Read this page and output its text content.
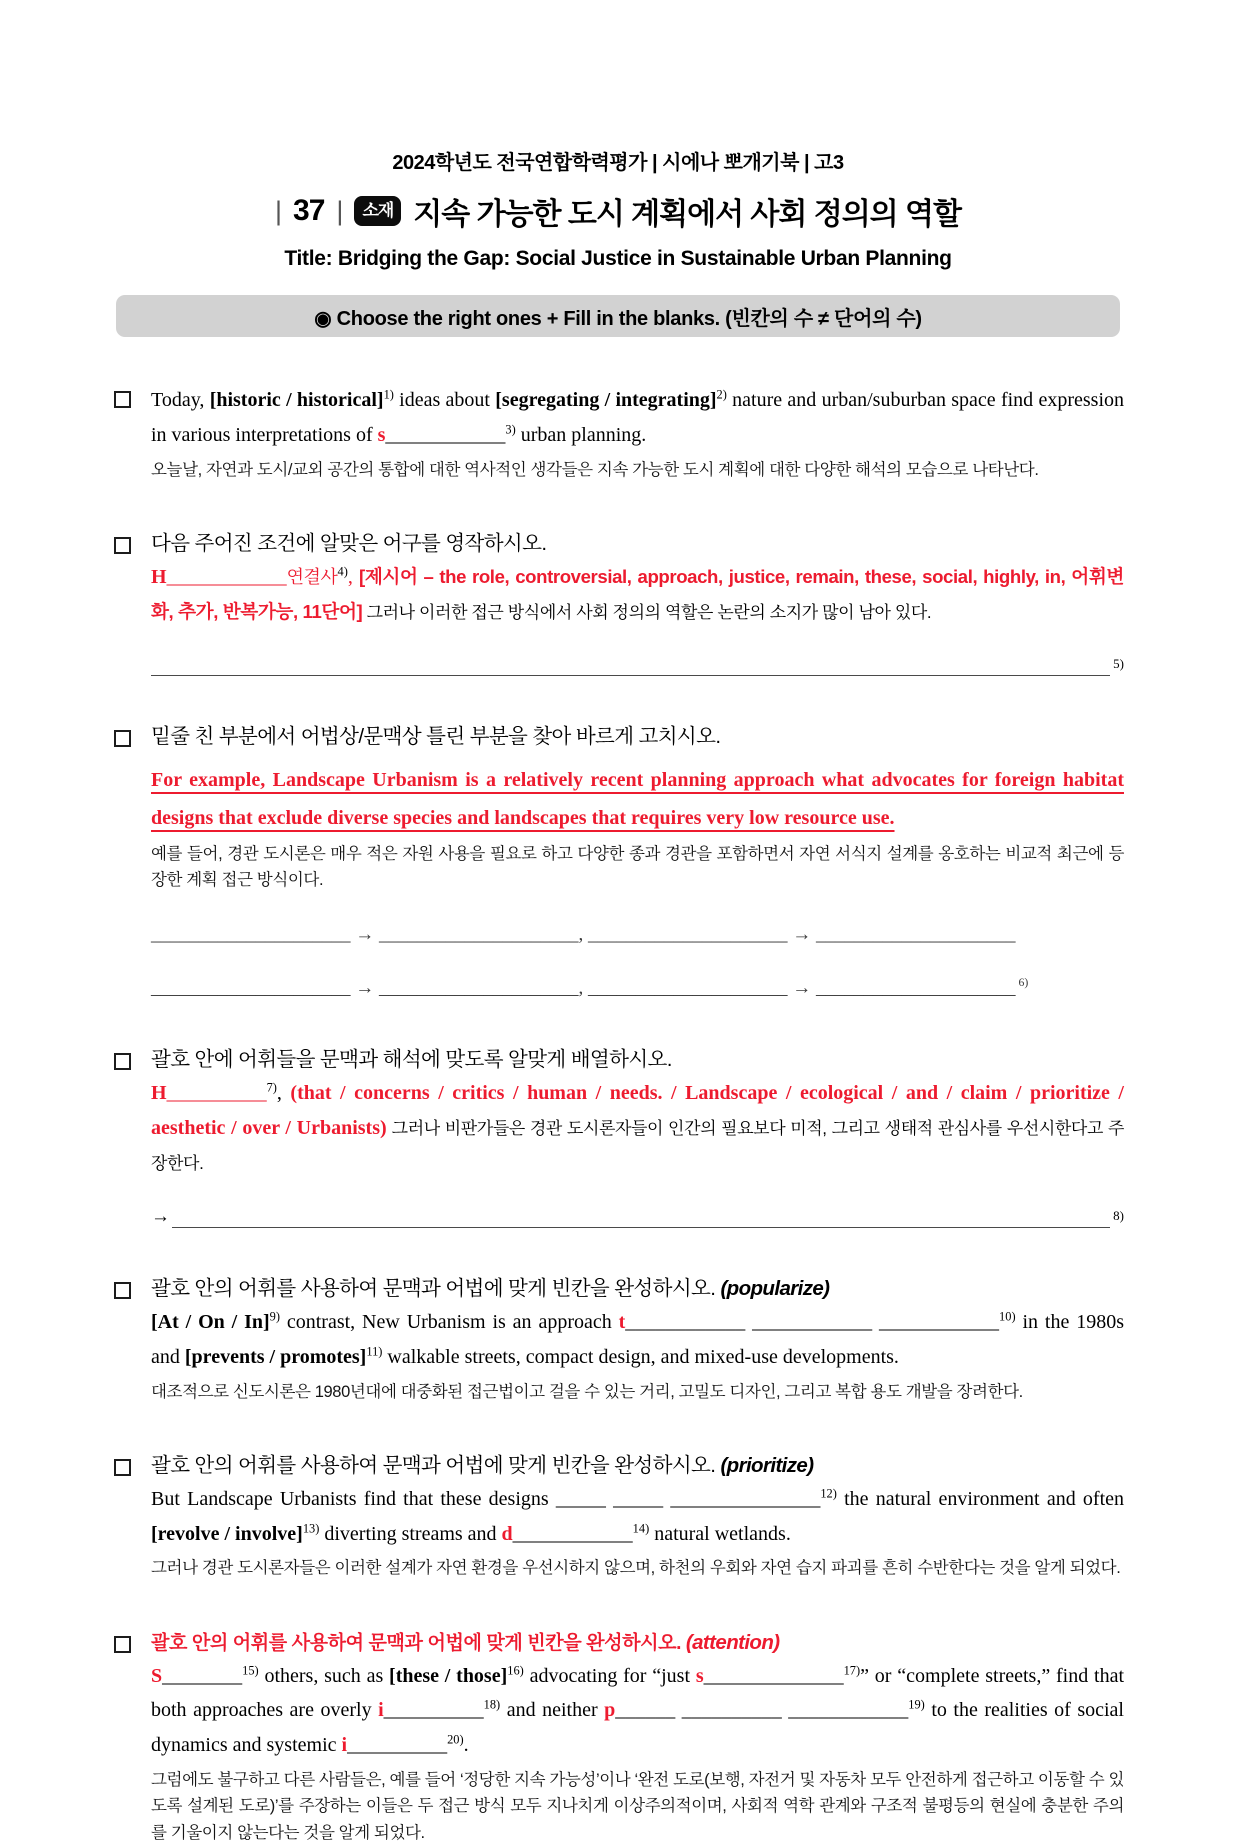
2024학년도 전국연합학력평가 | 시에나 뽀개기북 | 고3
| 37 |	소재 지속 가능한 도시 계획에서 사회 정의의 역할
Title: Bridging the Gap: Social Justice in Sustainable Urban Planning
◉ Choose the right ones + Fill in the blanks. (빈칸의 수 ≠ 단어의 수)
Today, [historic / historical]$^{1)}$ ideas about [segregating / integrating]$^{2)}$ nature and urban/suburban space find expression in various interpretations of s____________$^{3)}$ urban planning.
오늘날, 자연과 도시/교외 공간의 통합에 대한 역사적인 생각들은 지속 가능한 도시 계획에 대한 다양한 해석의 모습으로 나타난다.
다음 주어진 조건에 알맞은 어구를 영작하시오.
H____________연결사$^{4)}$, [제시어 – the role, controversial, approach, justice, remain, these, social, highly, in, 어휘변화, 추가, 반복가능, 11단어] 그러나 이러한 접근 방식에서 사회 정의의 역할은 논란의 소지가 많이 남아 있다.
5)
밑줄 친 부분에서 어법상/문맥상 틀린 부분을 찾아 바르게 고치시오.
For example, Landscape Urbanism is a relatively recent planning approach what advocates for foreign habitat designs that exclude diverse species and landscapes that requires very low resource use.
예를 들어, 경관 도시론은 매우 적은 자원 사용을 필요로 하고 다양한 종과 경관을 포함하면서 자연 서식지 설계를 옹호하는 비교적 최근에 등장한 계획 접근 방식이다.
_____________________ → _____________________, _____________________ → _____________________
_____________________ → _____________________, _____________________ → _____________________ $^{6)}$
괄호 안에 어휘들을 문맥과 해석에 맞도록 알맞게 배열하시오.
H__________$^{7)}$, (that / concerns / critics / human / needs. / Landscape / ecological / and / claim / prioritize / aesthetic / over / Urbanists) 그러나 비판가들은 경관 도시론자들이 인간의 필요보다 미적, 그리고 생태적 관심사를 우선시한다고 주장한다.
→	8)
괄호 안의 어휘를 사용하여 문맥과 어법에 맞게 빈칸을 완성하시오. (popularize)
[At / On / In]$^{9)}$ contrast, New Urbanism is an approach t____________ ____________ ____________$^{10)}$ in the 1980s and [prevents / promotes]$^{11)}$ walkable streets, compact design, and mixed-use developments.
대조적으로 신도시론은 1980년대에 대중화된 접근법이고 걸을 수 있는 거리, 고밀도 디자인, 그리고 복합 용도 개발을 장려한다.
괄호 안의 어휘를 사용하여 문맥과 어법에 맞게 빈칸을 완성하시오. (prioritize)
But Landscape Urbanists find that these designs _____ _____ _______________$^{12)}$ the natural environment and often [revolve / involve]$^{13)}$ diverting streams and d____________$^{14)}$ natural wetlands.
그러나 경관 도시론자들은 이러한 설계가 자연 환경을 우선시하지 않으며, 하천의 우회와 자연 습지 파괴를 흔히 수반한다는 것을 알게 되었다.
괄호 안의 어휘를 사용하여 문맥과 어법에 맞게 빈칸을 완성하시오. (attention)
S________$^{15)}$ others, such as [these / those]$^{16)}$ advocating for “just s______________$^{17)}$” or “complete streets,” find that both approaches are overly i__________$^{18)}$ and neither p______ __________ ____________$^{19)}$ to the realities of social dynamics and systemic i__________$^{20)}$.
그럼에도 불구하고 다른 사람들은, 예를 들어 ‘정당한 지속 가능성’이나 ‘완전 도로(보행, 자전거 및 자동차 모두 안전하게 접근하고 이동할 수 있도록 설계된 도로)’를 주장하는 이들은 두 접근 방식 모두 지나치게 이상주의적이며, 사회적 역학 관계와 구조적 불평등의 현실에 충분한 주의를 기울이지 않는다는 것을 알게 되었다.
